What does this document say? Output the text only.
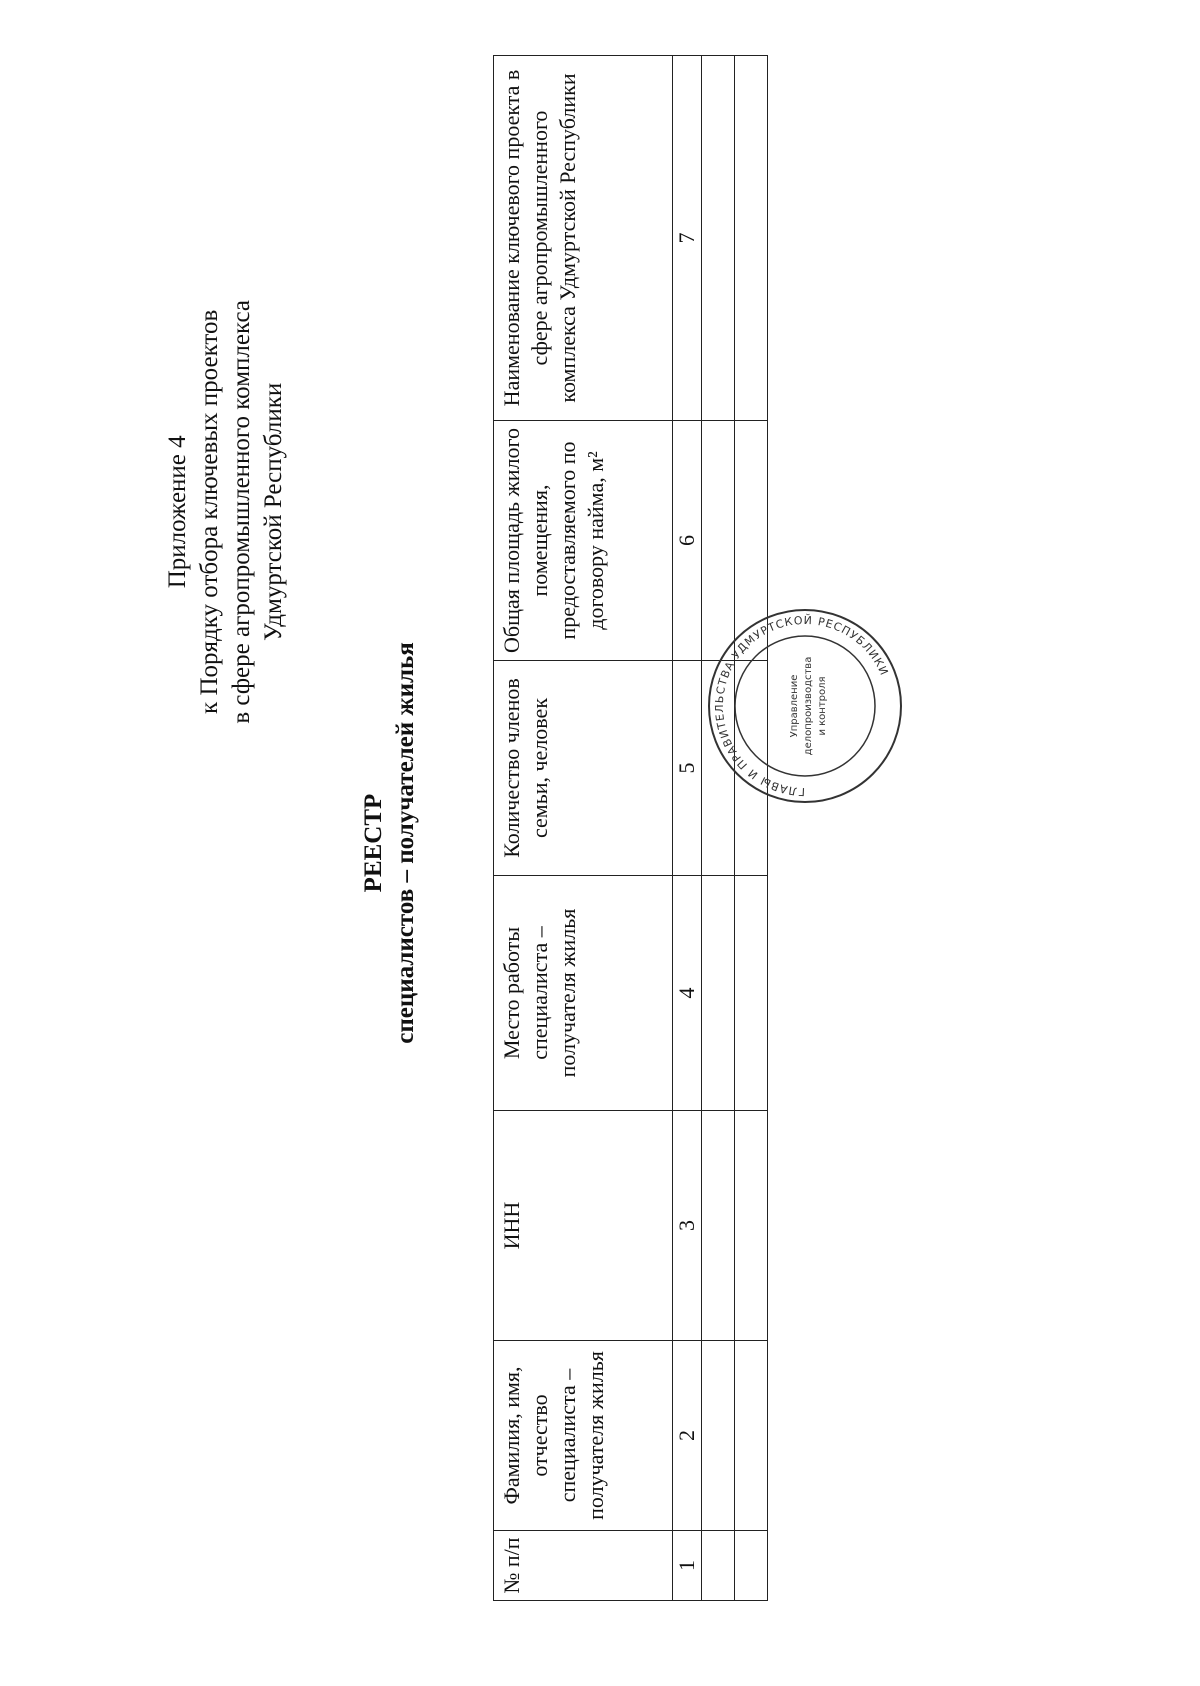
Приложение 4 к Порядку отбора ключевых проектов в сфере агропромышленного комплекса Удмуртской Республики
РЕЕСТР специалистов – получателей жилья
№ п/п	Фамилия, имя, отчество специалиста – получателя жилья	ИНН	Место работы специалиста – получателя жилья	Количество членов семьи, человек	Общая площадь жилого помещения, предоставляемого по договору найма, м²	Наименование ключевого проекта в сфере агропромышленного комплекса Удмуртской Республики
1	2	3	4	5	6	7

ГЛАВЫ И ПРАВИТЕЛЬСТВА УДМУРТСКОЙ РЕСПУБЛИКИ
Управление делопроизводства и контроля
